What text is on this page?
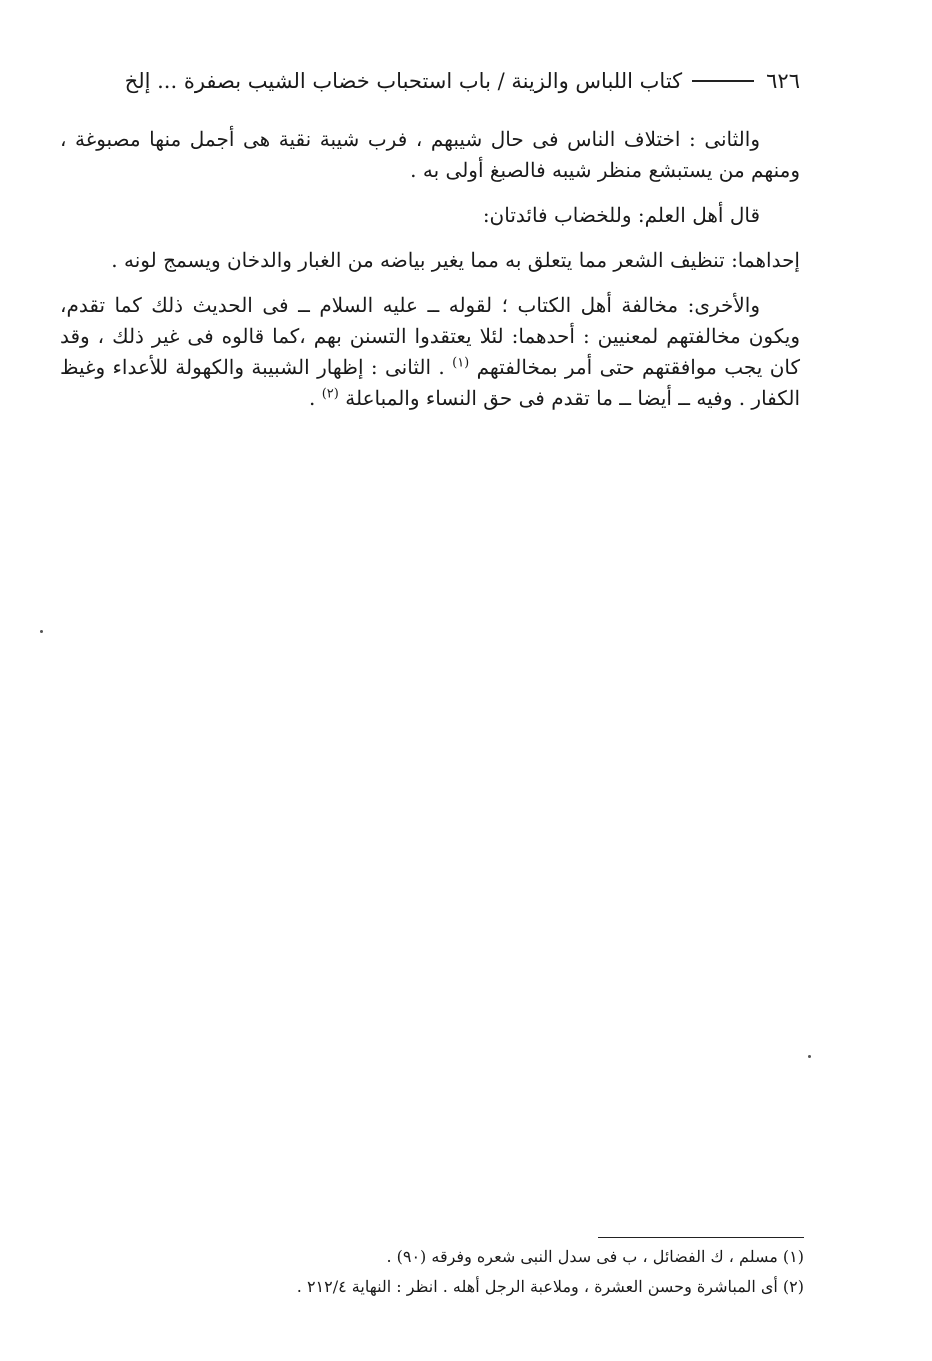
٦٢٦
كتاب اللباس والزينة / باب استحباب خضاب الشيب بصفرة ... إلخ

والثانى : اختلاف الناس فى حال شيبهم ، فرب شيبة نقية هى أجمل منها مصبوغة ، ومنهم من يستبشع منظر شيبه فالصبغ أولى به .

قال أهل العلم: وللخضاب فائدتان:

إحداهما: تنظيف الشعر مما يتعلق به مما يغير بياضه من الغبار والدخان ويسمج لونه .

والأخرى: مخالفة أهل الكتاب ؛ لقوله ــ عليه السلام ــ فى الحديث ذلك كما تقدم، ويكون مخالفتهم لمعنيين : أحدهما: لئلا يعتقدوا التسنن بهم ،كما قالوه فى غير ذلك ، وقد كان يجب موافقتهم حتى أمر بمخالفتهم $^{(١)}$ . الثانى : إظهار الشبيبة والكهولة للأعداء وغيظ الكفار . وفيه ــ أيضا ــ ما تقدم فى حق النساء والمباعلة $^{(٢)}$ .

(١) مسلم ، ك الفضائل ، ب فى سدل النبى شعره وفرقه (٩٠) .
(٢) أى المباشرة وحسن العشرة ، وملاعبة الرجل أهله . انظر : النهاية ٢١٢/٤ .
